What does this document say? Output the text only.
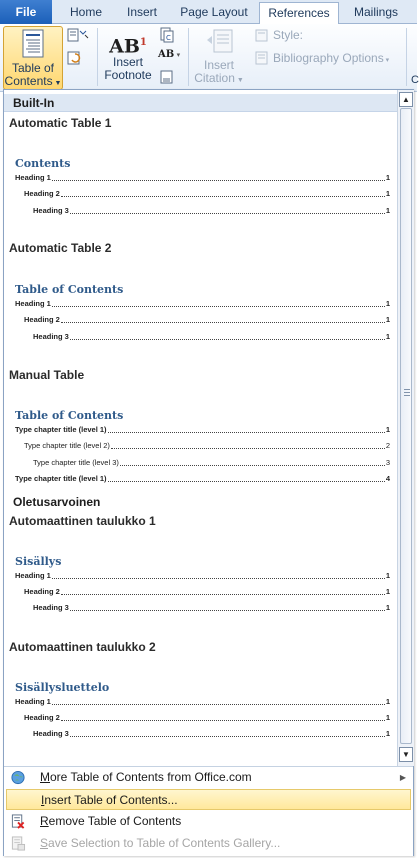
File	Home	Insert	Page Layout	References	Mailings
Table of
Contents ▼
$AB^1$
Insert
Footnote
C
AB ▾
Insert
Citation ▼
Style:
Bibliography Options ▾
C
Built-In
Automatic Table 1
Contents
Heading 1	1
Heading 2	1
Heading 3	1
Automatic Table 2
Table of Contents
Heading 1	1
Heading 2	1
Heading 3	1
Manual Table
Table of Contents
Type chapter title (level 1)	1
Type chapter title (level 2)	2
Type chapter title (level 3)	3
Type chapter title (level 1)	4
Oletusarvoinen
Automaattinen taulukko 1
Sisällys
Heading 1	1
Heading 2	1
Heading 3	1
Automaattinen taulukko 2
Sisällysluettelo
Heading 1	1
Heading 2	1
Heading 3	1
▲
▼
More Table of Contents from Office.com	▶
Insert Table of Contents...
Remove Table of Contents
Save Selection to Table of Contents Gallery...
